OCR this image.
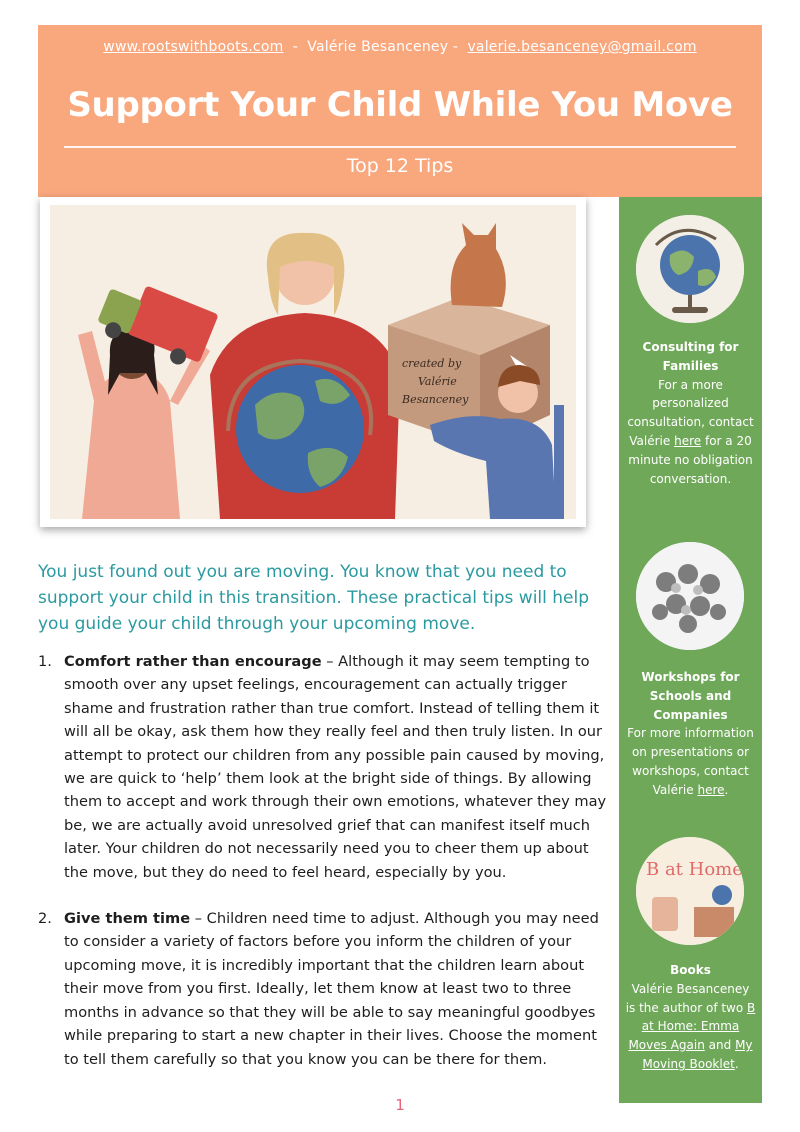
www.rootswithboots.com  -  Valérie Besanceney -  valerie.besanceney@gmail.com
Support Your Child While You Move
Top 12 Tips
created by
Valérie
Besanceney
Consulting for Families
For a more personalized consultation, contact Valérie here for a 20 minute no obligation conversation.
Workshops for Schools and Companies
For more information on presentations or workshops, contact Valérie here.
B at Home
Books
Valérie Besanceney is the author of two B at Home: Emma Moves Again and My Moving Booklet.
You just found out you are moving. You know that you need to support your child in this transition. These practical tips will help you guide your child through your upcoming move.
1. Comfort rather than encourage – Although it may seem tempting to smooth over any upset feelings, encouragement can actually trigger shame and frustration rather than true comfort. Instead of telling them it will all be okay, ask them how they really feel and then truly listen. In our attempt to protect our children from any possible pain caused by moving, we are quick to ‘help’ them look at the bright side of things. By allowing them to accept and work through their own emotions, whatever they may be, we are actually avoid unresolved grief that can manifest itself much later. Your children do not necessarily need you to cheer them up about the move, but they do need to feel heard, especially by you.
2. Give them time – Children need time to adjust. Although you may need to consider a variety of factors before you inform the children of your upcoming move, it is incredibly important that the children learn about their move from you first. Ideally, let them know at least two to three months in advance so that they will be able to say meaningful goodbyes while preparing to start a new chapter in their lives. Choose the moment to tell them carefully so that you know you can be there for them.
1
